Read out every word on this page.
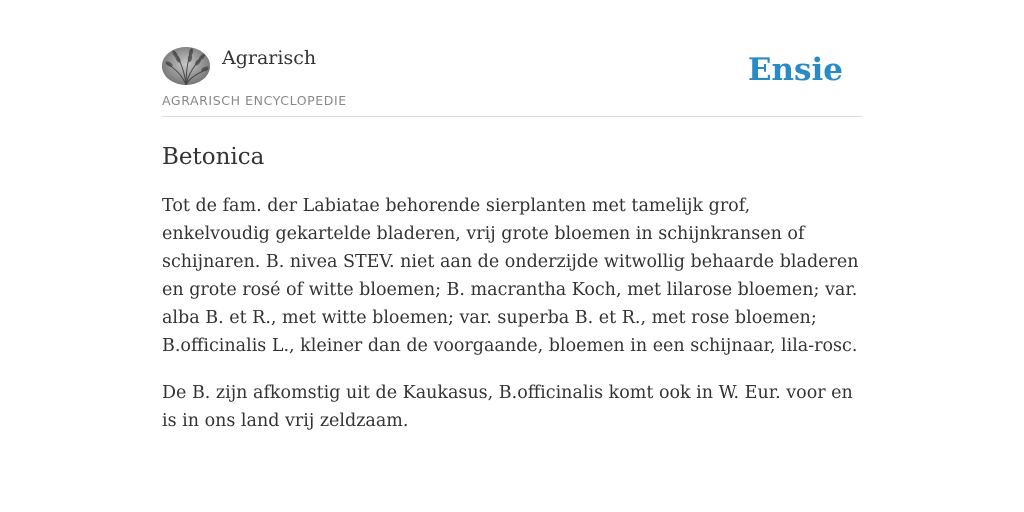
Agrarisch
AGRARISCH ENCYCLOPEDIE
Ensie
Betonica

Tot de fam. der Labiatae behorende sierplanten met tamelijk grof, enkelvoudig gekartelde bladeren, vrij grote bloemen in schijnkransen of schijnaren. B. nivea STEV. niet aan de onderzijde witwollig behaarde bladeren en grote rosé of witte bloemen; B. macrantha Koch, met lilarose bloemen; var. alba B. et R., met witte bloemen; var. superba B. et R., met rose bloemen; B.officinalis L., kleiner dan de voorgaande, bloemen in een schijnaar, lila-rosc.

De B. zijn afkomstig uit de Kaukasus, B.officinalis komt ook in W. Eur. voor en is in ons land vrij zeldzaam.
